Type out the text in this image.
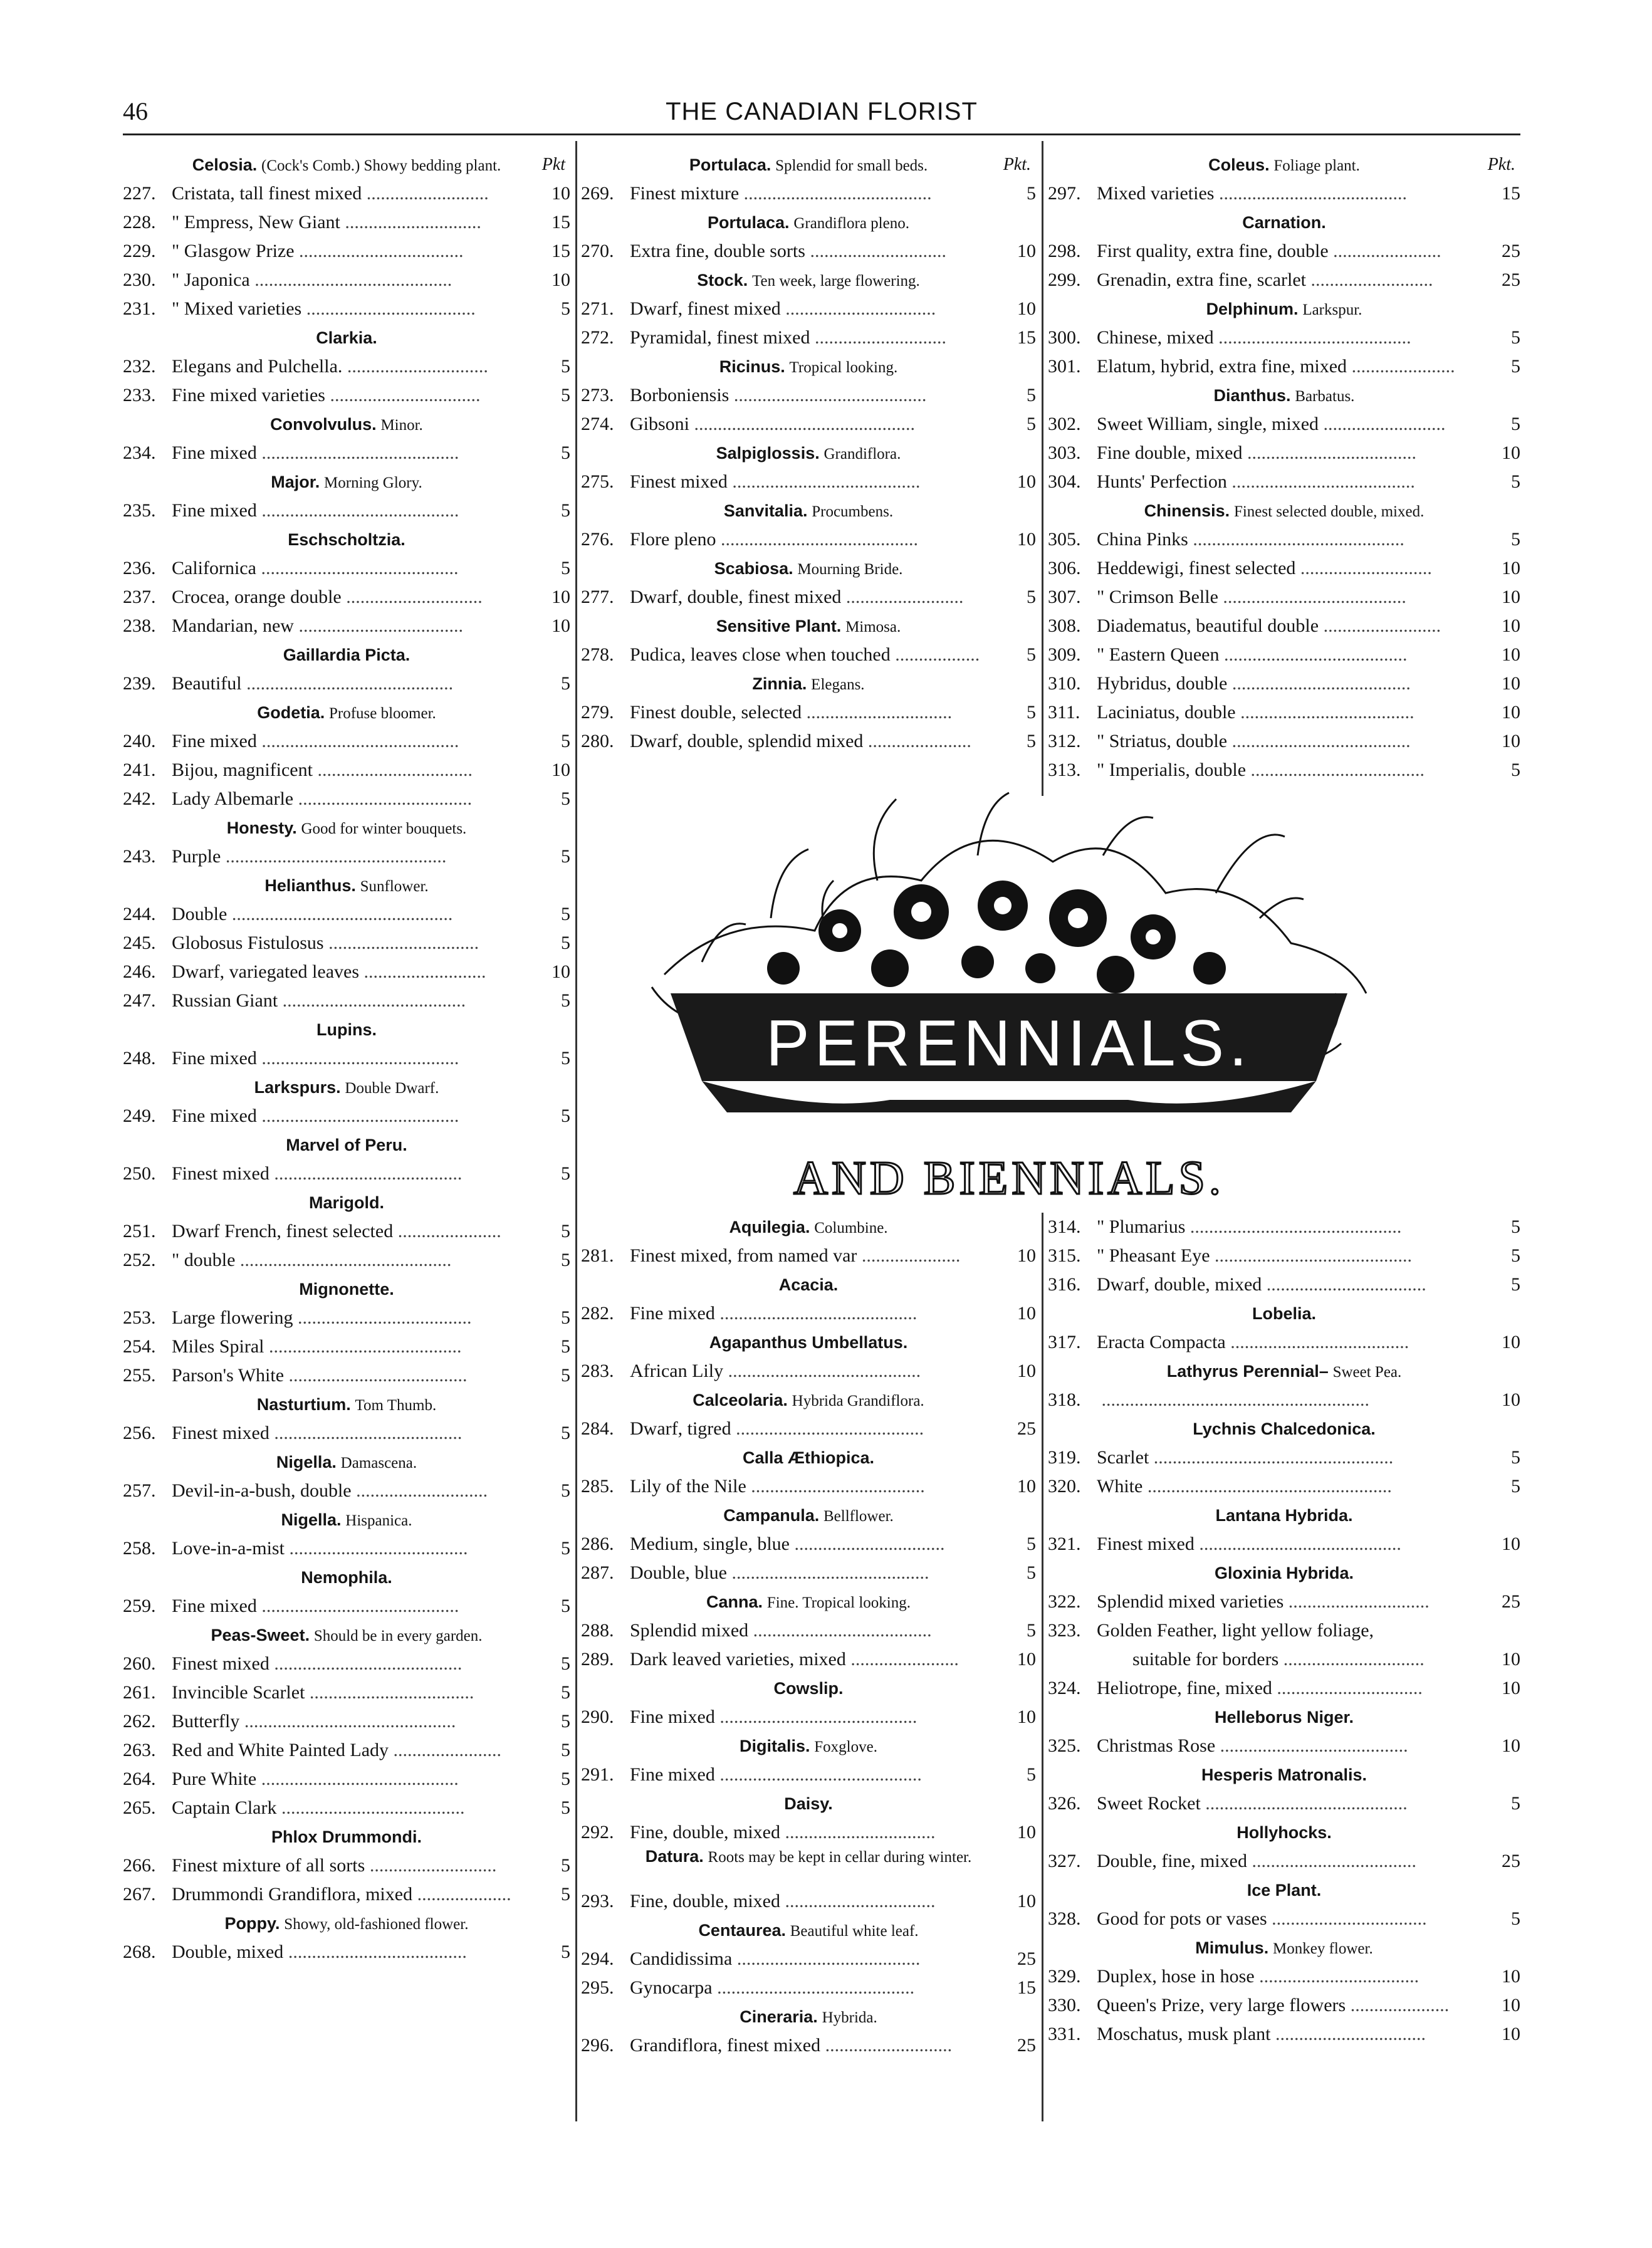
46	THE CANADIAN FLORIST
Celosia. (Cock's Comb.) Showy bedding plant. Pkt
227. Cristata, tall finest mixed ..........................	10
228. " Empress, New Giant .............................	15
229. " Glasgow Prize ...................................	15
230. " Japonica ..........................................	10
231. " Mixed varieties ....................................	5
Clarkia.
232. Elegans and Pulchella. ..............................	5
233. Fine mixed varieties ................................	5
Convolvulus. Minor.
234. Fine mixed ..........................................	5
Major. Morning Glory.
235. Fine mixed ..........................................	5
Eschscholtzia.
236. Californica ..........................................	5
237. Crocea, orange double .............................	10
238. Mandarian, new ...................................	10
Gaillardia Picta.
239. Beautiful ............................................	5
Godetia. Profuse bloomer.
240. Fine mixed ..........................................	5
241. Bijou, magnificent .................................	10
242. Lady Albemarle .....................................	5
Honesty. Good for winter bouquets.
243. Purple ...............................................	5
Helianthus. Sunflower.
244. Double ...............................................	5
245. Globosus Fistulosus ................................	5
246. Dwarf, variegated leaves ..........................	10
247. Russian Giant .......................................	5
Lupins.
248. Fine mixed ..........................................	5
Larkspurs. Double Dwarf.
249. Fine mixed ..........................................	5
Marvel of Peru.
250. Finest mixed ........................................	5
Marigold.
251. Dwarf French, finest selected ......................	5
252. " double .............................................	5
Mignonette.
253. Large flowering .....................................	5
254. Miles Spiral .........................................	5
255. Parson's White ......................................	5
Nasturtium. Tom Thumb.
256. Finest mixed ........................................	5
Nigella. Damascena.
257. Devil-in-a-bush, double ............................	5
Nigella. Hispanica.
258. Love-in-a-mist ......................................	5
Nemophila.
259. Fine mixed ..........................................	5
Peas-Sweet. Should be in every garden.
260. Finest mixed ........................................	5
261. Invincible Scarlet ...................................	5
262. Butterfly .............................................	5
263. Red and White Painted Lady .......................	5
264. Pure White ..........................................	5
265. Captain Clark .......................................	5
Phlox Drummondi.
266. Finest mixture of all sorts ...........................	5
267. Drummondi Grandiflora, mixed ....................	5
Poppy. Showy, old-fashioned flower.
268. Double, mixed ......................................	5
Portulaca. Splendid for small beds.	Pkt.
269. Finest mixture ........................................	5
Portulaca. Grandiflora pleno.
270. Extra fine, double sorts .............................	10
Stock. Ten week, large flowering.
271. Dwarf, finest mixed ................................	10
272. Pyramidal, finest mixed ............................	15
Ricinus. Tropical looking.
273. Borboniensis .........................................	5
274. Gibsoni ...............................................	5
Salpiglossis. Grandiflora.
275. Finest mixed ........................................	10
Sanvitalia. Procumbens.
276. Flore pleno ..........................................	10
Scabiosa. Mourning Bride.
277. Dwarf, double, finest mixed .........................	5
Sensitive Plant. Mimosa.
278. Pudica, leaves close when touched .................. 5
Zinnia. Elegans.
279. Finest double, selected ...............................	5
280. Dwarf, double, splendid mixed ......................	5
Coleus. Foliage plant.	Pkt.
297. Mixed varieties ........................................	15
Carnation.
298. First quality, extra fine, double .......................	25
299. Grenadin, extra fine, scarlet ..........................	25
Delphinum. Larkspur.
300. Chinese, mixed .........................................	5
301. Elatum, hybrid, extra fine, mixed ......................	5
Dianthus. Barbatus.
302. Sweet William, single, mixed ..........................	5
303. Fine double, mixed ....................................	10
304. Hunts' Perfection .......................................	5
Chinensis. Finest selected double, mixed.
305. China Pinks .............................................	5
306. Heddewigi, finest selected ............................	10
307. " Crimson Belle .......................................	10
308. Diadematus, beautiful double .........................	10
309. " Eastern Queen .......................................	10
310. Hybridus, double ......................................	10
311. Laciniatus, double .....................................	10
312. " Striatus, double ......................................	10
313. " Imperialis, double .....................................	5
Aquilegia. Columbine.
281. Finest mixed, from named var .....................	10
Acacia.
282. Fine mixed ..........................................	10
Agapanthus Umbellatus.
283. African Lily .........................................	10
Calceolaria. Hybrida Grandiflora.
284. Dwarf, tigred ........................................	25
Calla Æthiopica.
285. Lily of the Nile .....................................	10
Campanula. Bellflower.
286. Medium, single, blue ................................	5
287. Double, blue ..........................................	5
Canna. Fine. Tropical looking.
288. Splendid mixed ......................................	5
289. Dark leaved varieties, mixed .......................	10
Cowslip.
290. Fine mixed ..........................................	10
Digitalis. Foxglove.
291. Fine mixed ...........................................	5
Daisy.
292. Fine, double, mixed ................................	10
Datura. Roots may be kept in cellar during winter.
293. Fine, double, mixed ................................	10
Centaurea. Beautiful white leaf.
294. Candidissima .......................................	25
295. Gynocarpa ..........................................	15
Cineraria. Hybrida.
296. Grandiflora, finest mixed ...........................	25
314. " Plumarius .............................................	5
315. " Pheasant Eye ..........................................	5
316. Dwarf, double, mixed ..................................	5
Lobelia.
317. Eracta Compacta ......................................	10
Lathyrus Perennial– Sweet Pea.
318. .........................................................	10
Lychnis Chalcedonica.
319. Scarlet ...................................................	5
320. White ....................................................	5
Lantana Hybrida.
321. Finest mixed ...........................................	10
Gloxinia Hybrida.
322. Splendid mixed varieties ..............................	25
323. Golden Feather, light yellow foliage,
suitable for borders ..............................	10
324. Heliotrope, fine, mixed ...............................	10
Helleborus Niger.
325. Christmas Rose ........................................	10
Hesperis Matronalis.
326. Sweet Rocket ...........................................	5
Hollyhocks.
327. Double, fine, mixed ...................................	25
Ice Plant.
328. Good for pots or vases .................................	5
Mimulus. Monkey flower.
329. Duplex, hose in hose ..................................	10
330. Queen's Prize, very large flowers .....................	10
331. Moschatus, musk plant ................................	10
PERENNIALS.
AND BIENNIALS.
